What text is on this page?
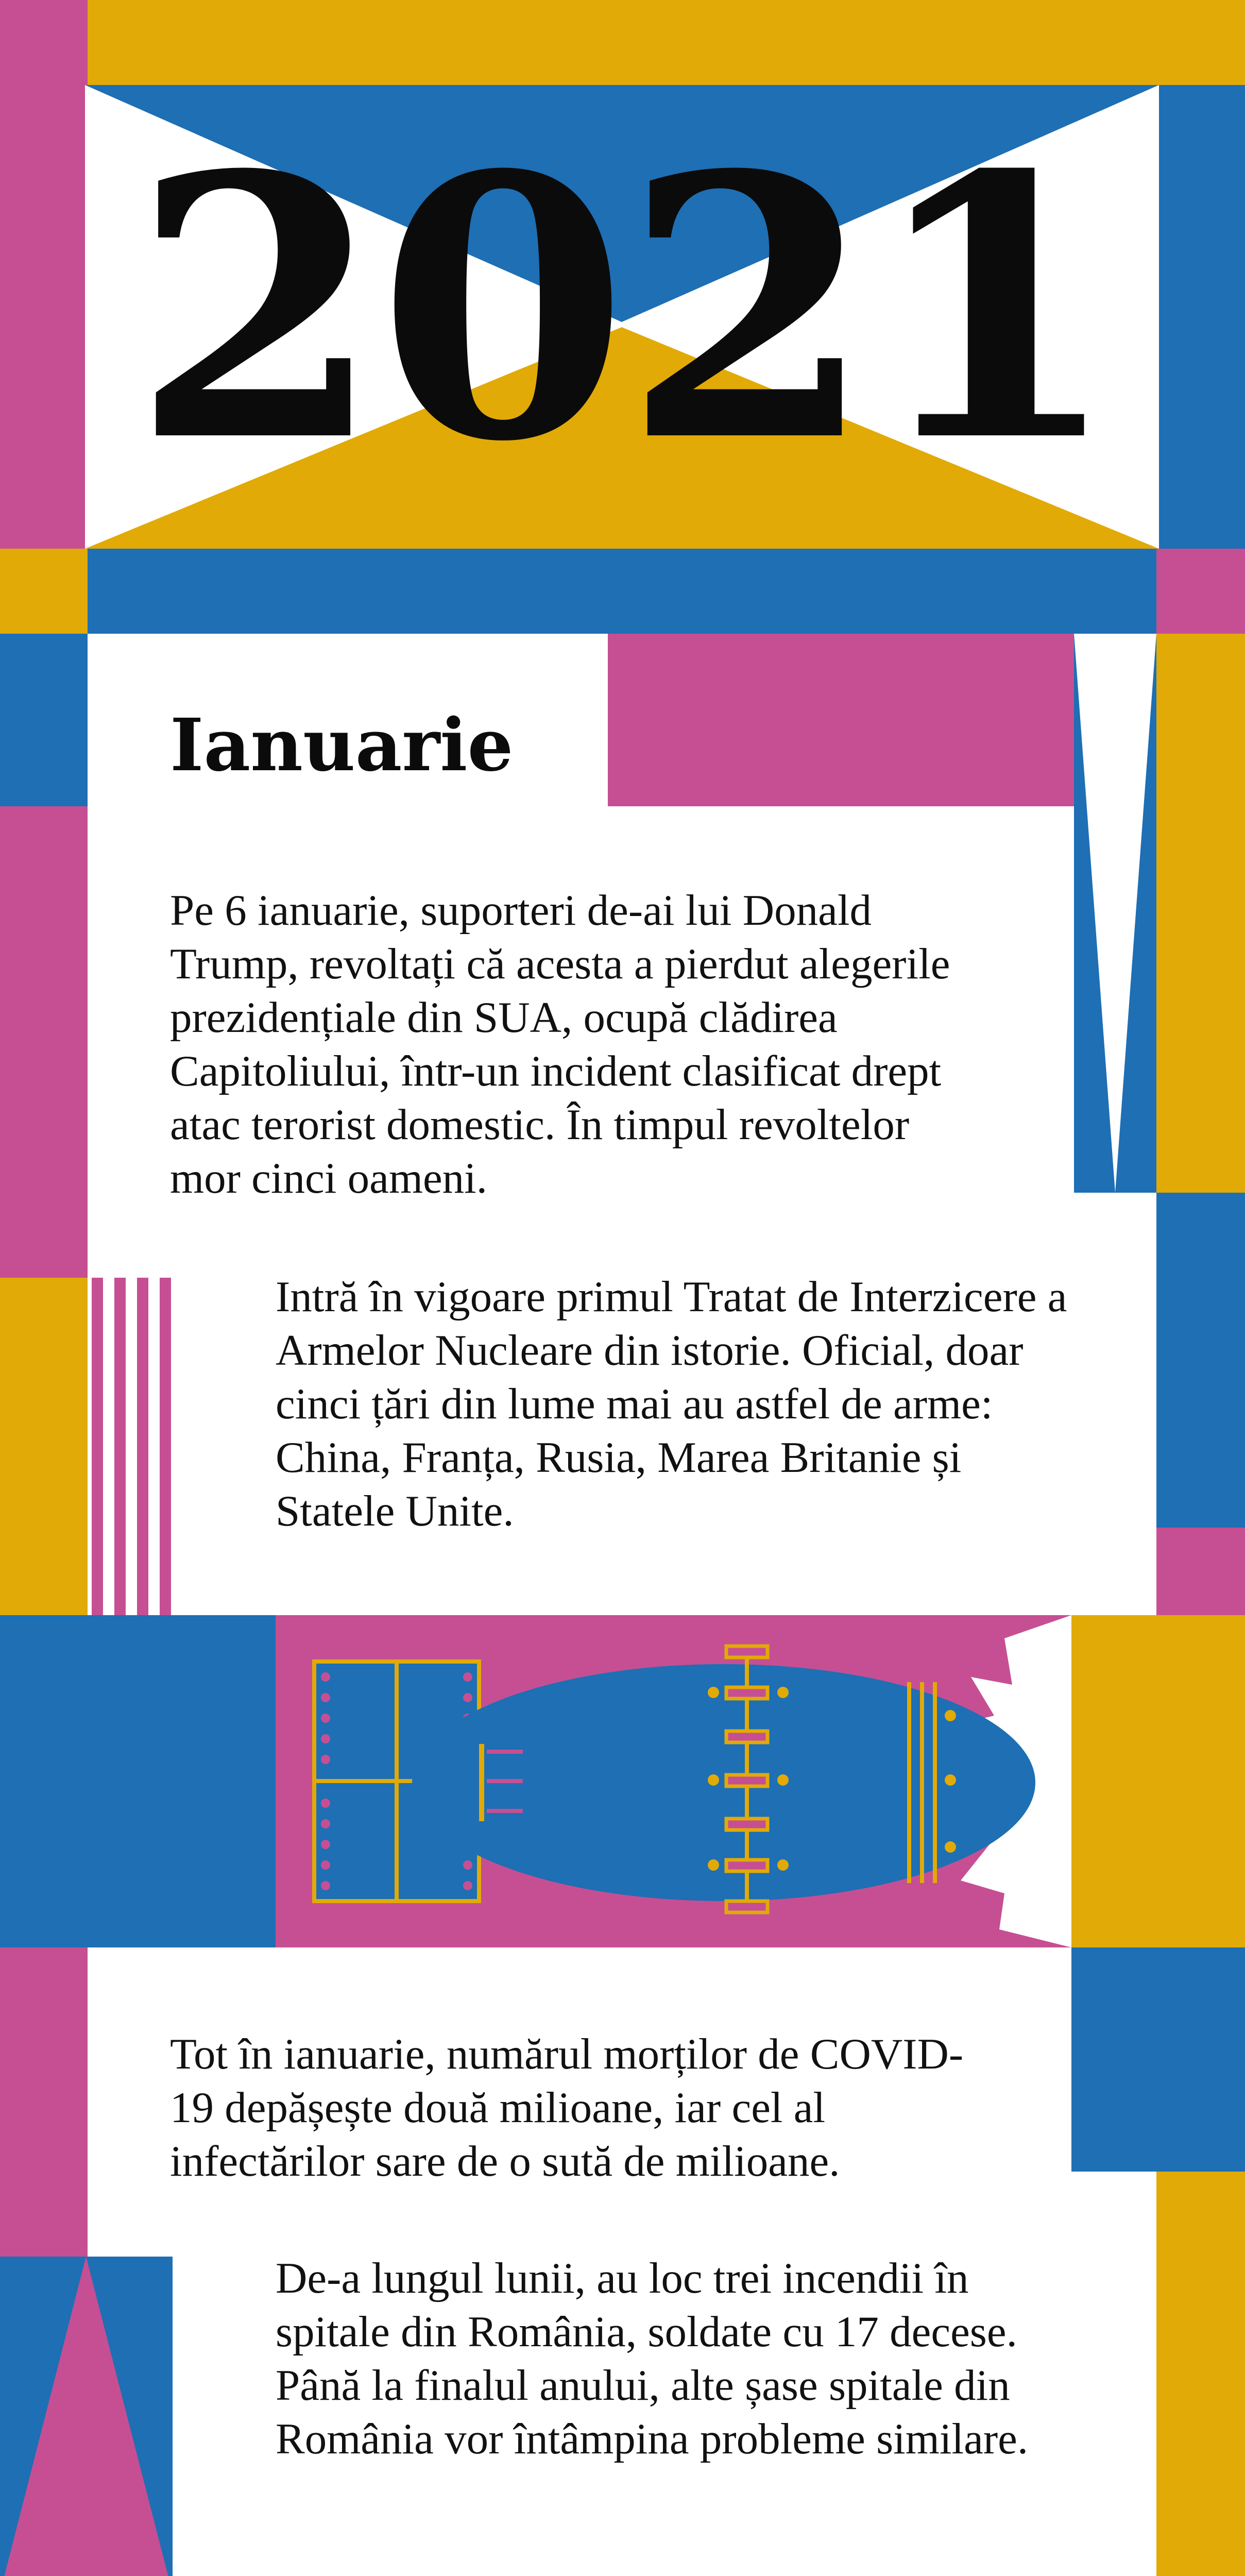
2021
Ianuarie

Pe 6 ianuarie, suporteri de-ai lui Donald Trump, revoltați că acesta a pierdut alegerile prezidențiale din SUA, ocupă clădirea Capitoliului, într-un incident clasificat drept atac terorist domestic. În timpul revoltelor mor cinci oameni.

Intră în vigoare primul Tratat de Interzicere a Armelor Nucleare din istorie. Oficial, doar cinci țări din lume mai au astfel de arme: China, Franța, Rusia, Marea Britanie și Statele Unite.

Tot în ianuarie, numărul morților de COVID-19 depășește două milioane, iar cel al infectărilor sare de o sută de milioane.

De-a lungul lunii, au loc trei incendii în spitale din România, soldate cu 17 decese. Până la finalul anului, alte șase spitale din România vor întâmpina probleme similare.
